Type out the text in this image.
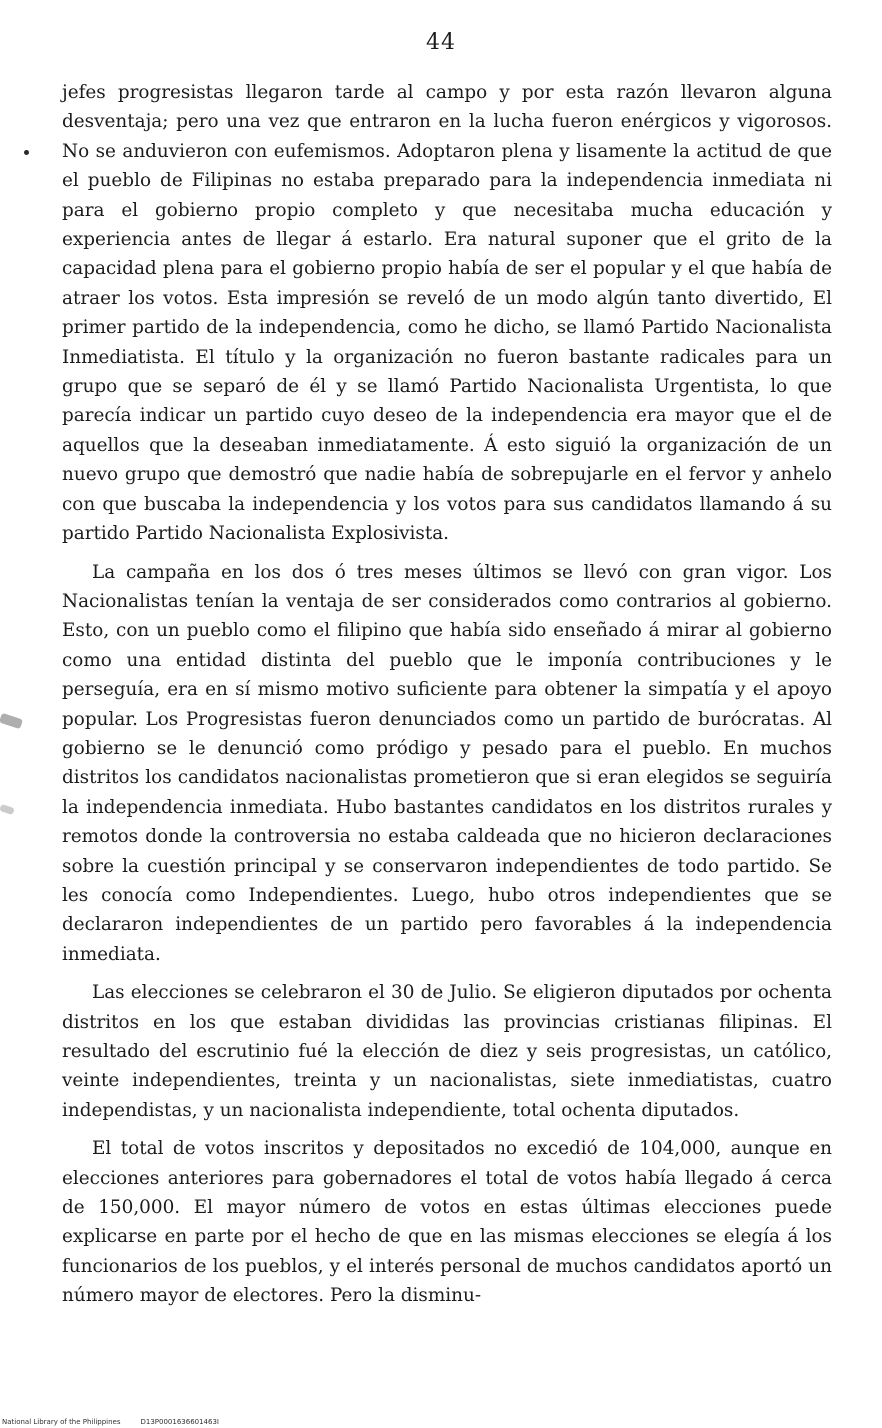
44

jefes progresistas llegaron tarde al campo y por esta razón llevaron alguna desventaja; pero una vez que entraron en la lucha fueron enérgicos y vigorosos. No se anduvieron con eufemismos. Adoptaron plena y lisamente la actitud de que el pueblo de Filipinas no estaba preparado para la independencia inmediata ni para el gobierno propio completo y que necesitaba mucha educación y experiencia antes de llegar á estarlo. Era natural suponer que el grito de la capacidad plena para el gobierno propio había de ser el popular y el que había de atraer los votos. Esta impresión se reveló de un modo algún tanto divertido, El primer partido de la independencia, como he dicho, se llamó Partido Nacionalista Inmediatista. El título y la organización no fueron bastante radicales para un grupo que se separó de él y se llamó Partido Nacionalista Urgentista, lo que parecía indicar un partido cuyo deseo de la independencia era mayor que el de aquellos que la deseaban inmediatamente. Á esto siguió la organización de un nuevo grupo que demostró que nadie había de sobrepujarle en el fervor y anhelo con que buscaba la independencia y los votos para sus candidatos llamando á su partido Partido Nacionalista Explosivista.

La campaña en los dos ó tres meses últimos se llevó con gran vigor. Los Nacionalistas tenían la ventaja de ser considerados como contrarios al gobierno. Esto, con un pueblo como el filipino que había sido enseñado á mirar al gobierno como una entidad distinta del pueblo que le imponía contribuciones y le perseguía, era en sí mismo motivo suficiente para obtener la simpatía y el apoyo popular. Los Progresistas fueron denunciados como un partido de burócratas. Al gobierno se le denunció como pródigo y pesado para el pueblo. En muchos distritos los candidatos nacionalistas prometieron que si eran elegidos se seguiría la independencia inmediata. Hubo bastantes candidatos en los distritos rurales y remotos donde la controversia no estaba caldeada que no hicieron declaraciones sobre la cuestión principal y se conservaron independientes de todo partido. Se les conocía como Independientes. Luego, hubo otros independientes que se declararon independientes de un partido pero favorables á la independencia inmediata.

Las elecciones se celebraron el 30 de Julio. Se eligieron diputados por ochenta distritos en los que estaban divididas las provincias cristianas filipinas. El resultado del escrutinio fué la elección de diez y seis progresistas, un católico, veinte independientes, treinta y un nacionalistas, siete inmediatistas, cuatro independistas, y un nacionalista independiente, total ochenta diputados.

El total de votos inscritos y depositados no excedió de 104,000, aunque en elecciones anteriores para gobernadores el total de votos había llegado á cerca de 150,000. El mayor número de votos en estas últimas elecciones puede explicarse en parte por el hecho de que en las mismas elecciones se elegía á los funcionarios de los pueblos, y el interés personal de muchos candidatos aportó un número mayor de electores. Pero la disminu-

National Library of the Philippines	D13P0001636601463I
